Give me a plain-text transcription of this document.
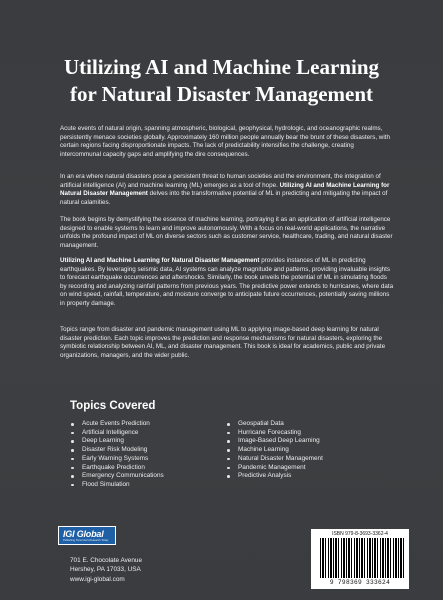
Utilizing AI and Machine Learning
for Natural Disaster Management
Acute events of natural origin, spanning atmospheric, biological, geophysical, hydrologic, and oceanographic realms, persistently menace societies globally. Approximately 160 million people annually bear the brunt of these disasters, with certain regions facing disproportionate impacts. The lack of predictability intensifies the challenge, creating intercommunal capacity gaps and amplifying the dire consequences.
In an era where natural disasters pose a persistent threat to human societies and the environment, the integration of artificial intelligence (AI) and machine learning (ML) emerges as a tool of hope. Utilizing AI and Machine Learning for Natural Disaster Management delves into the transformative potential of ML in predicting and mitigating the impact of natural calamities.
The book begins by demystifying the essence of machine learning, portraying it as an application of artificial intelligence designed to enable systems to learn and improve autonomously. With a focus on real-world applications, the narrative unfolds the profound impact of ML on diverse sectors such as customer service, healthcare, trading, and natural disaster management.
Utilizing AI and Machine Learning for Natural Disaster Management provides instances of ML in predicting earthquakes. By leveraging seismic data, AI systems can analyze magnitude and patterns, providing invaluable insights to forecast earthquake occurrences and aftershocks. Similarly, the book unveils the potential of ML in simulating floods by recording and analyzing rainfall patterns from previous years. The predictive power extends to hurricanes, where data on wind speed, rainfall, temperature, and moisture converge to anticipate future occurrences, potentially saving millions in property damage.
Topics range from disaster and pandemic management using ML to applying image-based deep learning for natural disaster prediction. Each topic improves the prediction and response mechanisms for natural disasters, exploring the symbiotic relationship between AI, ML, and disaster management. This book is ideal for academics, public and private organizations, managers, and the wider public.
Topics Covered
Acute Events Prediction
Artificial Intelligence
Deep Learning
Disaster Risk Modeling
Early Warning Systems
Earthquake Prediction
Emergency Communications
Flood Simulation
Geospatial Data
Hurricane Forecasting
Image-Based Deep Learning
Machine Learning
Natural Disaster Management
Pandemic Management
Predictive Analysis
IGI Global
Publishing Tomorrow's Research Today
701 E. Chocolate Avenue
Hershey, PA 17033, USA
www.igi-global.com
ISBN 979-8-3693-3362-4
9 798369 333624
